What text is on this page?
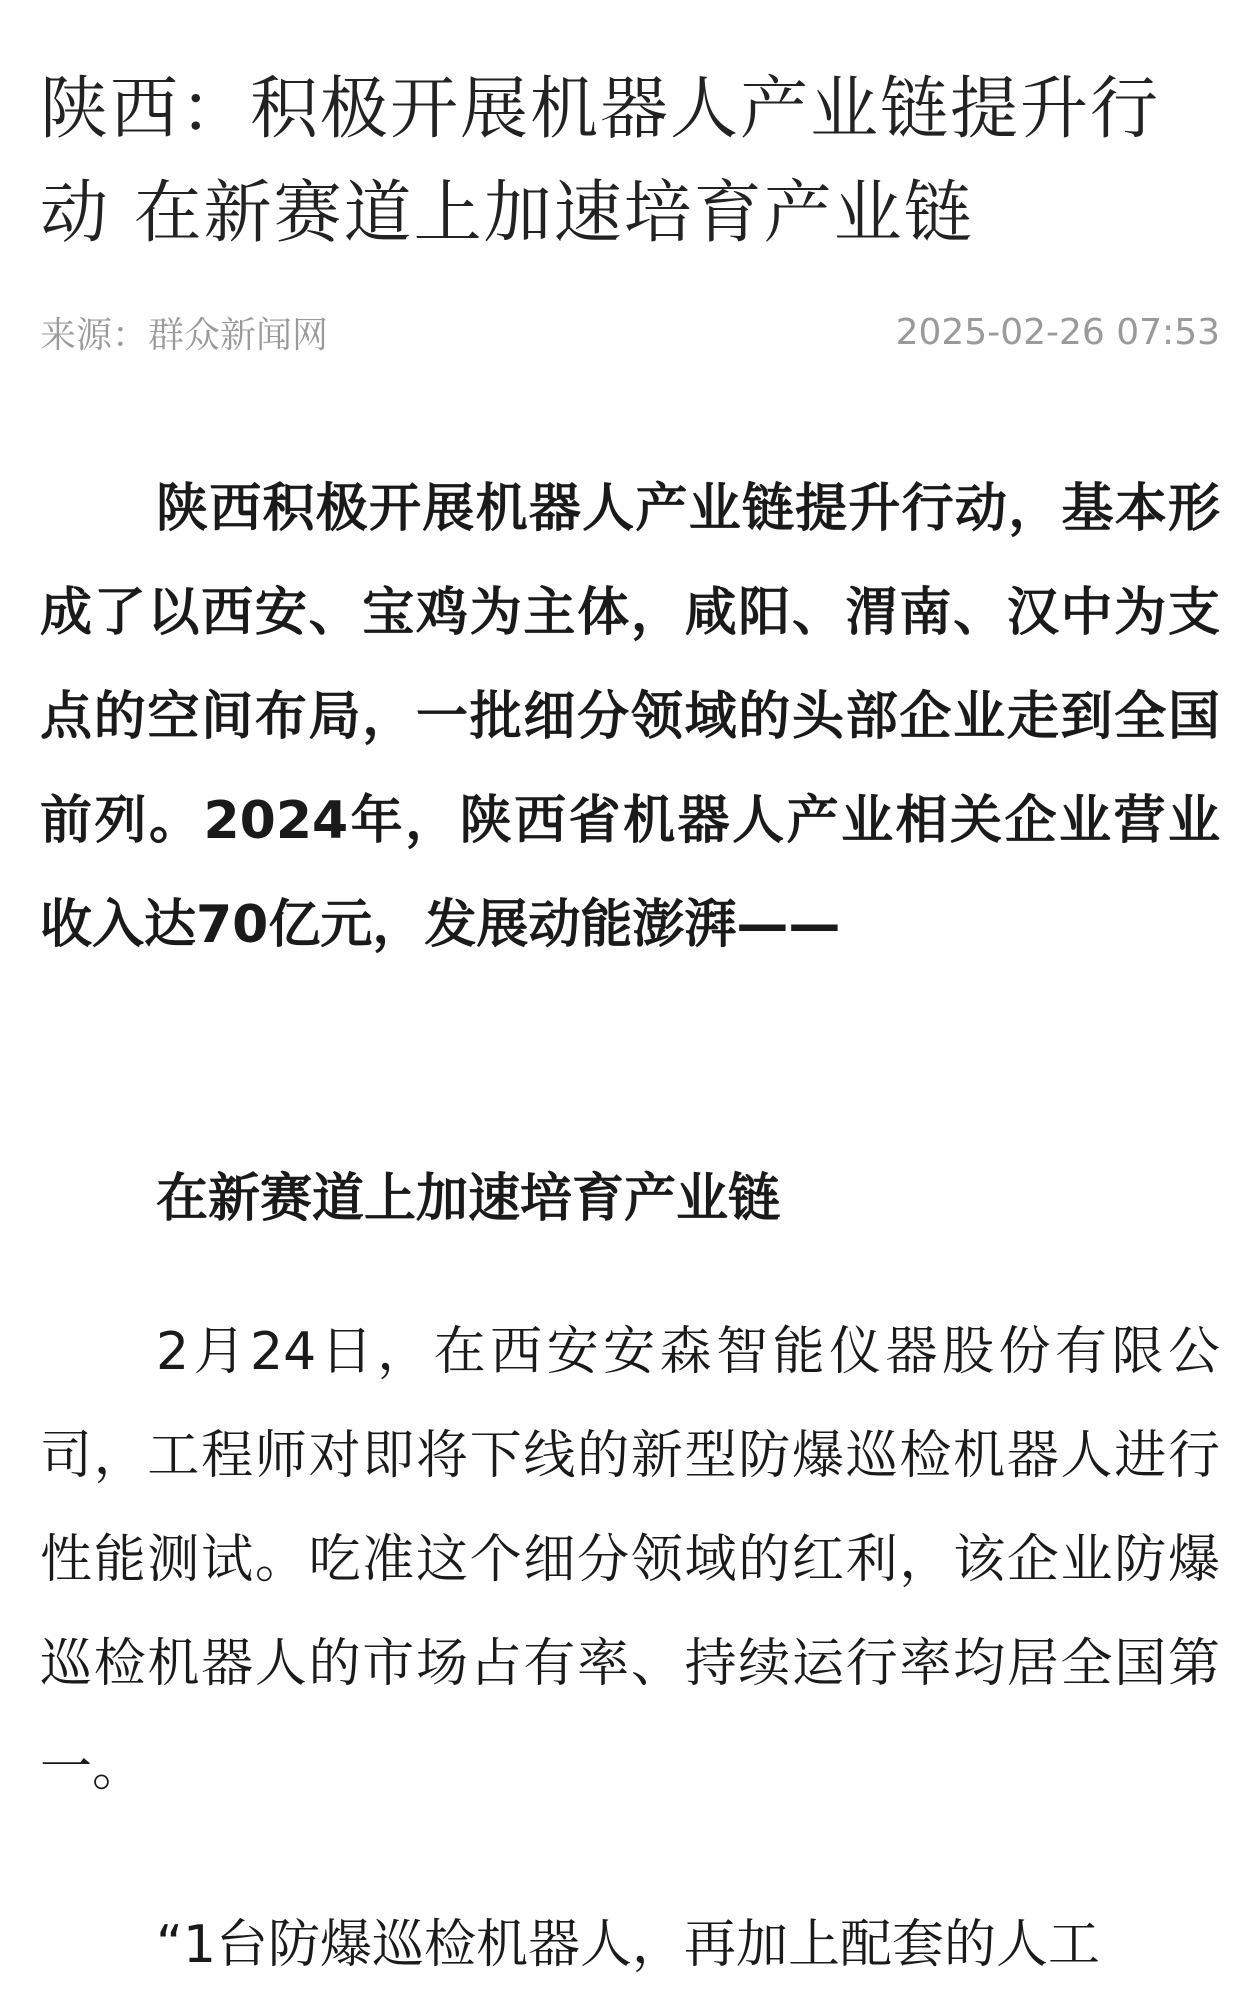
陕西：积极开展机器人产业链提升行动 在新赛道上加速培育产业链
来源：群众新闻网	2025-02-26 07:53

陕西积极开展机器人产业链提升行动，基本形成了以西安、宝鸡为主体，咸阳、渭南、汉中为支点的空间布局，一批细分领域的头部企业走到全国前列。2024年，陕西省机器人产业相关企业营业收入达70亿元，发展动能澎湃——

在新赛道上加速培育产业链

2月24日，在西安安森智能仪器股份有限公司，工程师对即将下线的新型防爆巡检机器人进行性能测试。吃准这个细分领域的红利，该企业防爆巡检机器人的市场占有率、持续运行率均居全国第一。

“1台防爆巡检机器人，再加上配套的人工
